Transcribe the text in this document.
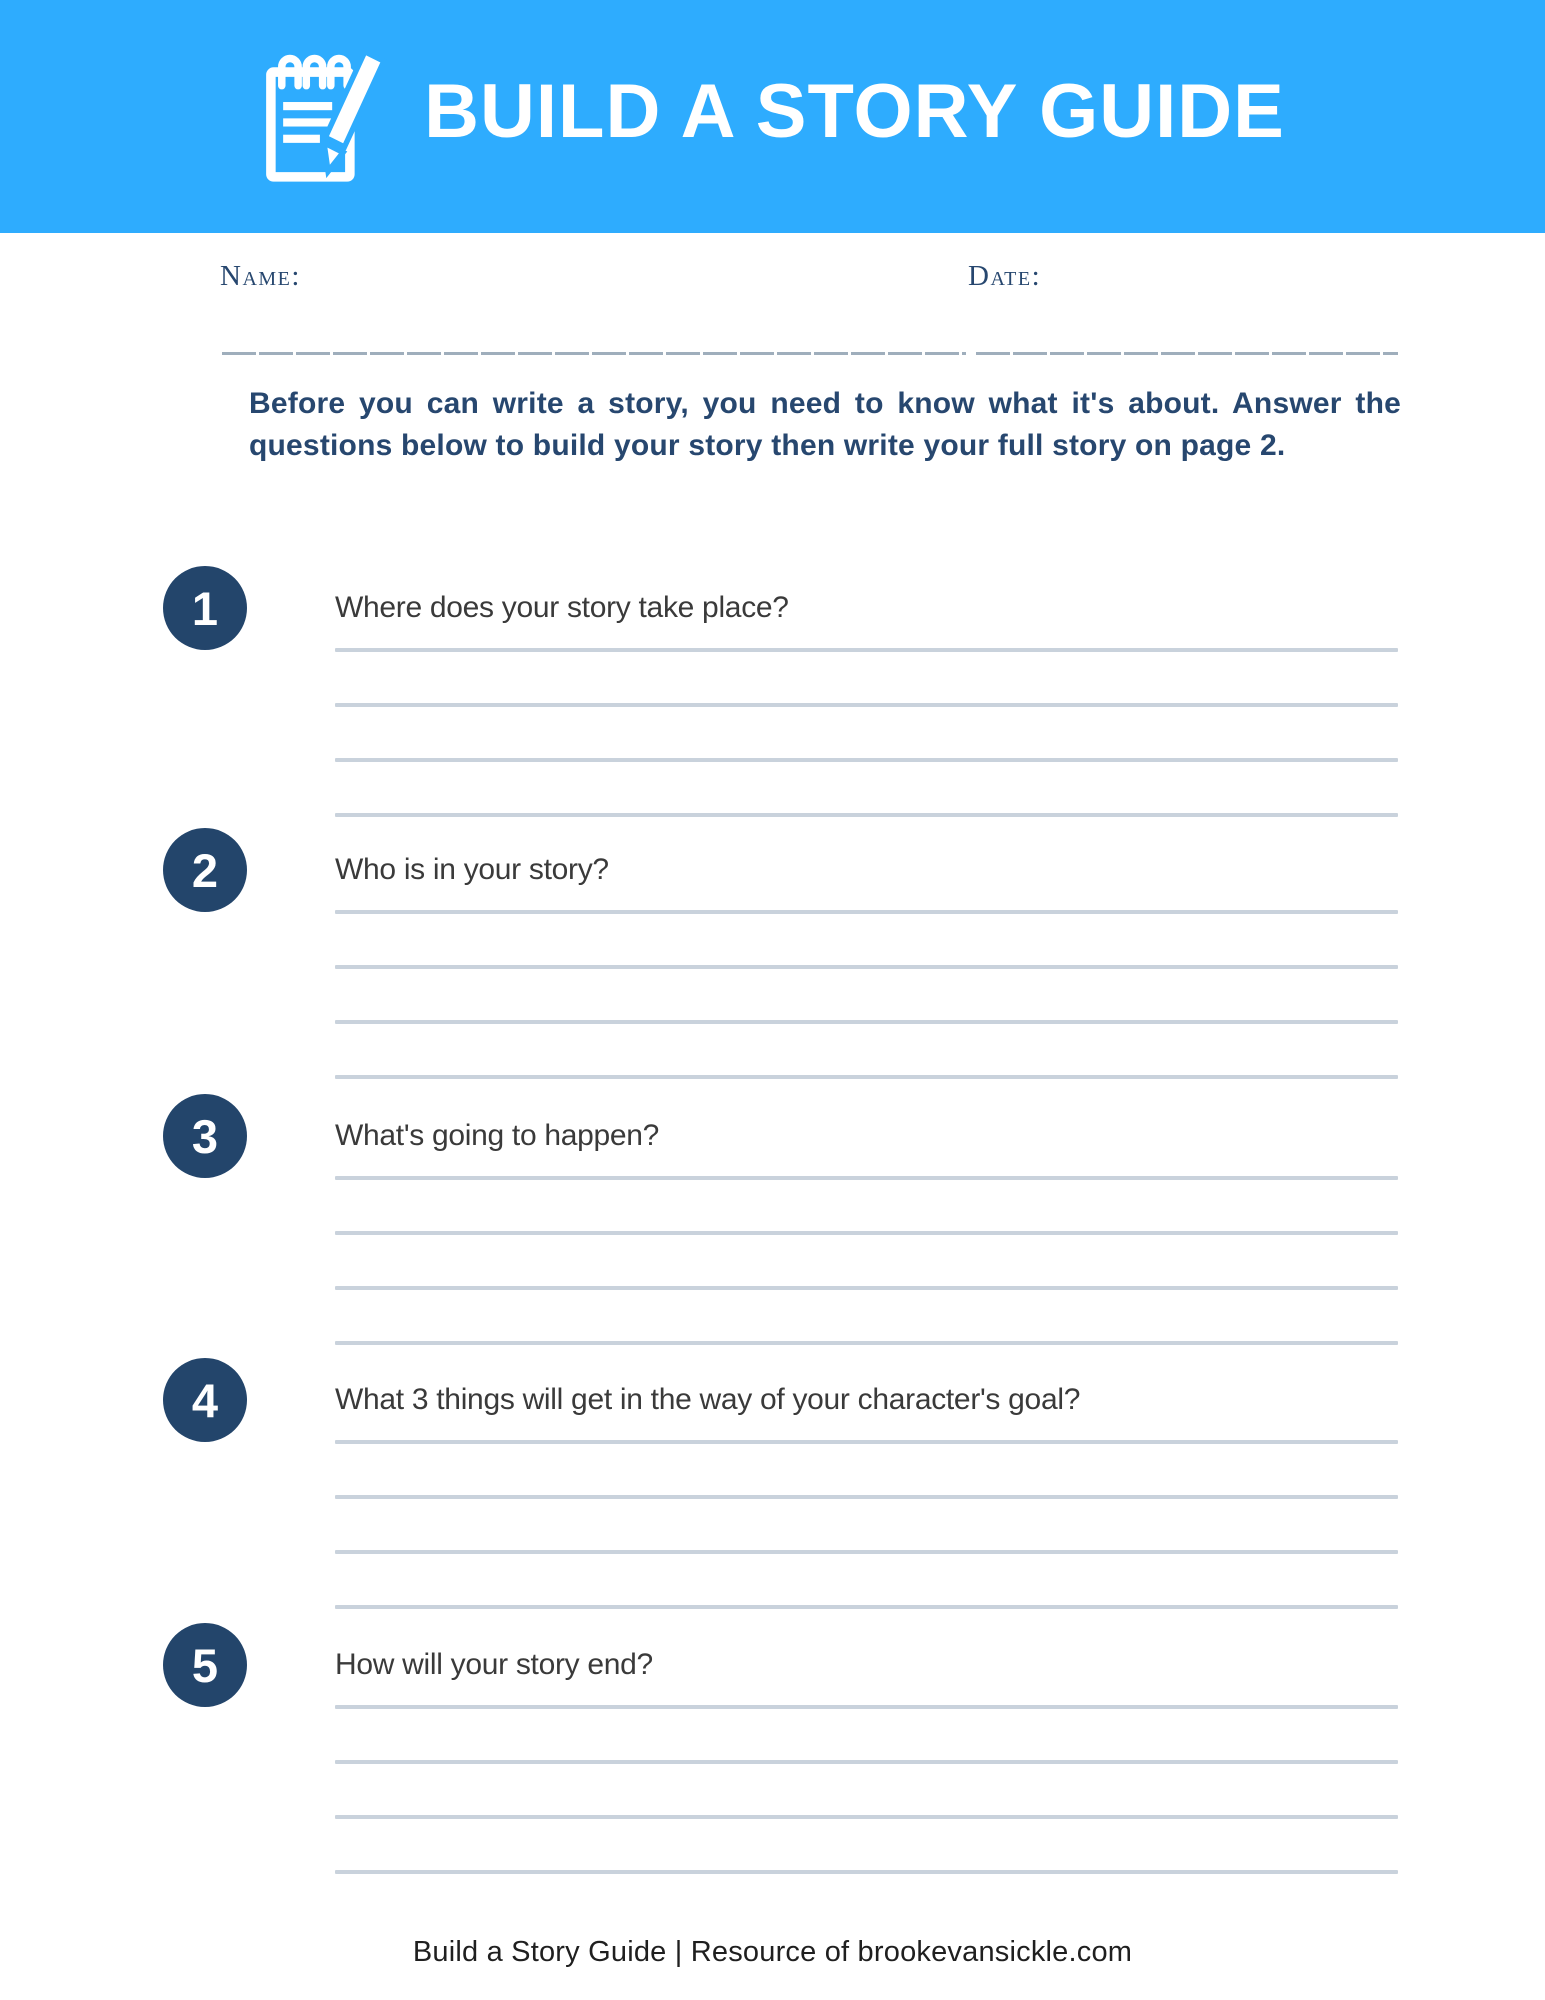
BUILD A STORY GUIDE
Name:	Date:

Before you can write a story, you need to know what it's about. Answer the questions below to build your story then write your full story on page 2.

1	Where does your story take place?
2	Who is in your story?
3	What's going to happen?
4	What 3 things will get in the way of your character's goal?
5	How will your story end?
Build a Story Guide | Resource of brookevansickle.com
